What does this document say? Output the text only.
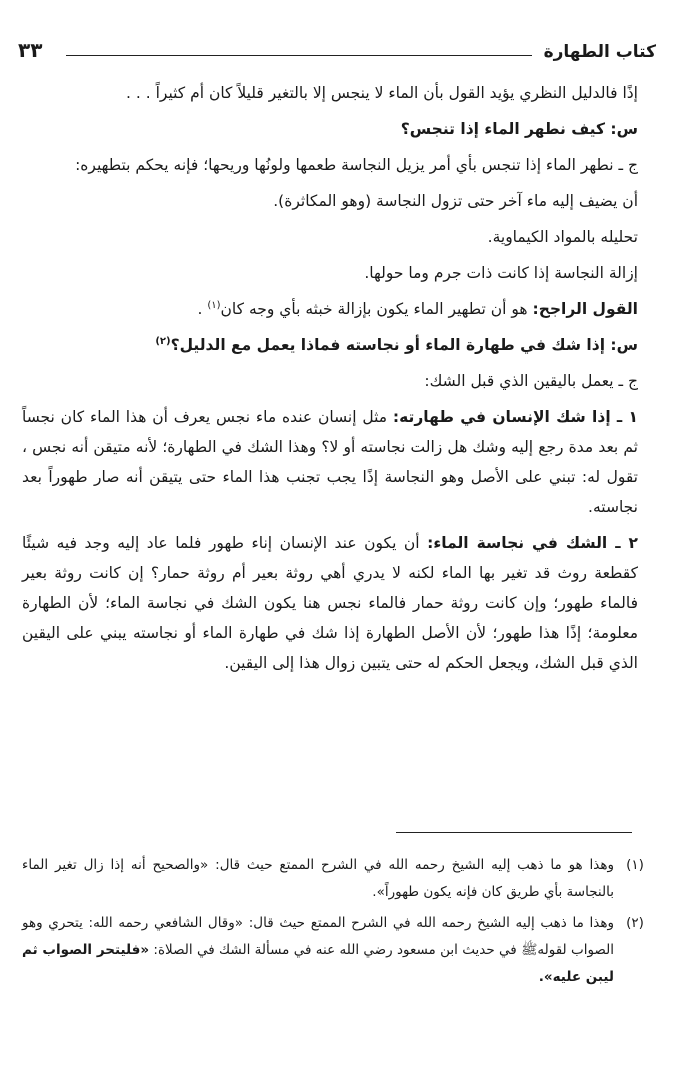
كتاب الطهارة
٣٣

إذًا فالدليل النظري يؤيد القول بأن الماء لا ينجس إلا بالتغير قليلاً كان أم كثيراً . . .

س: كيف نطهر الماء إذا تنجس؟

ج ـ نطهر الماء إذا تنجس بأي أمر يزيل النجاسة طعمها ولونُها وريحها؛ فإنه يحكم بتطهيره:

أن يضيف إليه ماء آخر حتى تزول النجاسة (وهو المكاثرة).

تحليله بالمواد الكيماوية.

إزالة النجاسة إذا كانت ذات جرم وما حولها.

القول الراجح: هو أن تطهير الماء يكون بإزالة خبثه بأي وجه كان$^{(١)}$ .

س: إذا شك في طهارة الماء أو نجاسته فماذا يعمل مع الدليل؟$^{(٢)}$

ج ـ يعمل باليقين الذي قبل الشك:

١ ـ إذا شك الإنسان في طهارته: مثل إنسان عنده ماء نجس يعرف أن هذا الماء كان نجساً ثم بعد مدة رجع إليه وشك هل زالت نجاسته أو لا؟ وهذا الشك في الطهارة؛ لأنه متيقن أنه نجس ، تقول له: تبني على الأصل وهو النجاسة إذًا يجب تجنب هذا الماء حتى يتيقن أنه صار طهوراً بعد نجاسته.

٢ ـ الشك في نجاسة الماء: أن يكون عند الإنسان إناء طهور فلما عاد إليه وجد فيه شيئًا كقطعة روث قد تغير بها الماء لكنه لا يدري أهي روثة بعير أم روثة حمار؟ إن كانت روثة بعير فالماء طهور؛ وإن كانت روثة حمار فالماء نجس هنا يكون الشك في نجاسة الماء؛ لأن الطهارة معلومة؛ إذًا هذا طهور؛ لأن الأصل الطهارة إذا شك في طهارة الماء أو نجاسته يبني على اليقين الذي قبل الشك، ويجعل الحكم له حتى يتبين زوال هذا إلى اليقين.

(١)
وهذا هو ما ذهب إليه الشيخ رحمه الله في الشرح الممتع حيث قال: «والصحيح أنه إذا زال تغير الماء بالنجاسة بأي طريق كان فإنه يكون طهوراً».
(٢)
وهذا ما ذهب إليه الشيخ رحمه الله في الشرح الممتع حيث قال: «وقال الشافعي رحمه الله: يتحري وهو الصواب لقولهﷺ في حديث ابن مسعود رضي الله عنه في مسألة الشك في الصلاة: «فليتحر الصواب ثم ليبن عليه».
